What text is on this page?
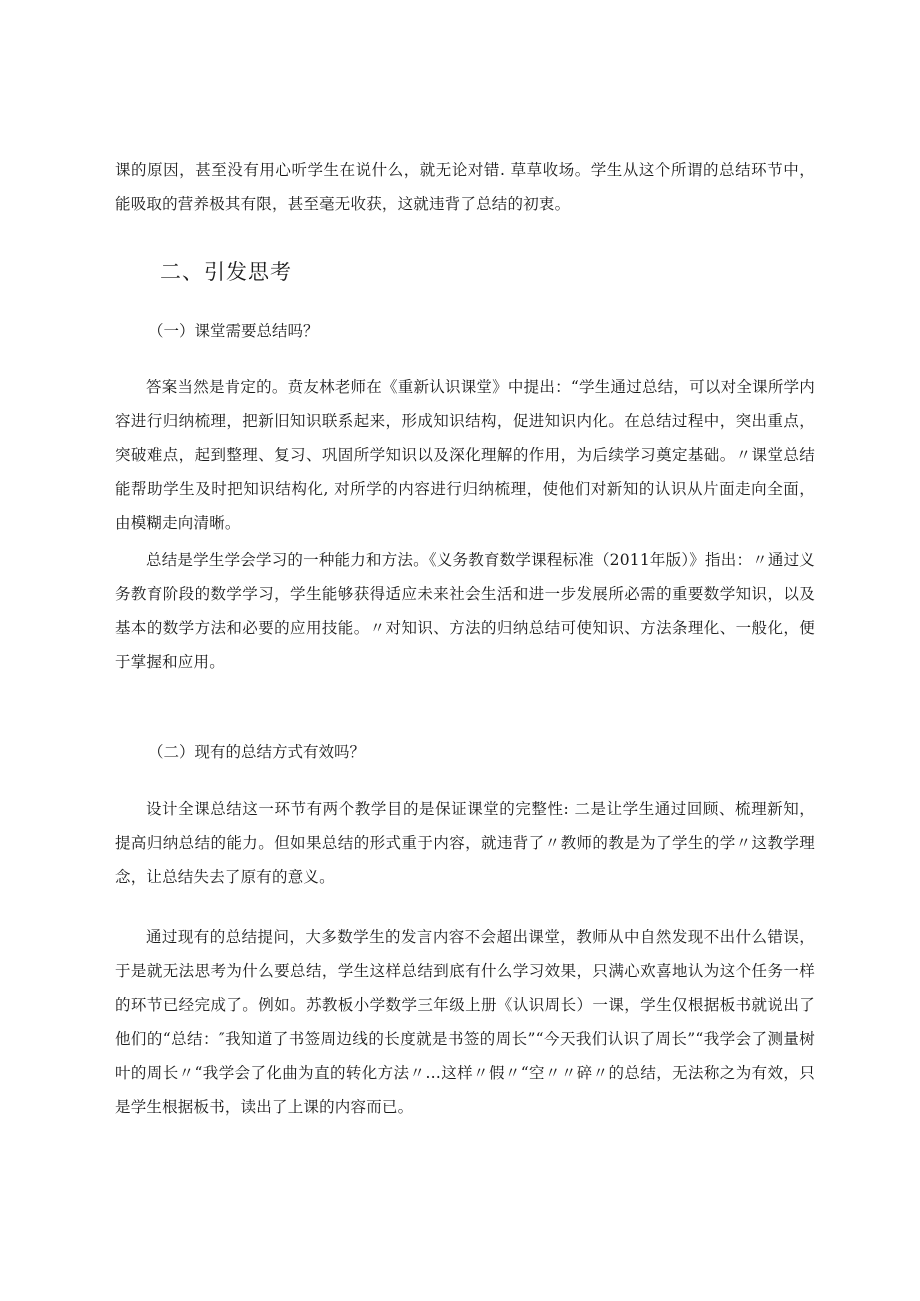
课的原因，甚至没有用心听学生在说什么，就无论对错. 草草收场。学生从这个所谓的总结环节中，能吸取的营养极其有限，甚至毫无收获，这就违背了总结的初衷。

二、引发思考
（一）课堂需要总结吗？

答案当然是肯定的。贲友林老师在《重新认识课堂》中提出：“学生通过总结，可以对全课所学内容进行归纳梳理，把新旧知识联系起来，形成知识结构，促进知识内化。在总结过程中，突出重点，突破难点，起到整理、复习、巩固所学知识以及深化理解的作用，为后续学习奠定基础。〃课堂总结能帮助学生及时把知识结构化, 对所学的内容进行归纳梳理，使他们对新知的认识从片面走向全面，由模糊走向清晰。

总结是学生学会学习的一种能力和方法。《义务教育数学课程标准（2011年版）》指出：〃通过义务教育阶段的数学学习，学生能够获得适应未来社会生活和进一步发展所必需的重要数学知识，以及基本的数学方法和必要的应用技能。〃对知识、方法的归纳总结可使知识、方法条理化、一般化，便于掌握和应用。

（二）现有的总结方式有效吗？

设计全课总结这一环节有两个教学目的是保证课堂的完整性: 二是让学生通过回顾、梳理新知，提高归纳总结的能力。但如果总结的形式重于内容，就违背了〃教师的教是为了学生的学〃这教学理念，让总结失去了原有的意义。

通过现有的总结提问，大多数学生的发言内容不会超出课堂，教师从中自然发现不出什么错误，于是就无法思考为什么要总结，学生这样总结到底有什么学习效果，只满心欢喜地认为这个任务一样的环节已经完成了。例如。苏教板小学数学三年级上册《认识周长）一课，学生仅根据板书就说出了他们的“总结：″我知道了书签周边线的长度就是书签的周长”“今天我们认识了周长”“我学会了测量树叶的周长〃“我学会了化曲为直的转化方法〃…这样〃假〃“空〃〃碎〃的总结，无法称之为有效，只是学生根据板书，读出了上课的内容而已。
